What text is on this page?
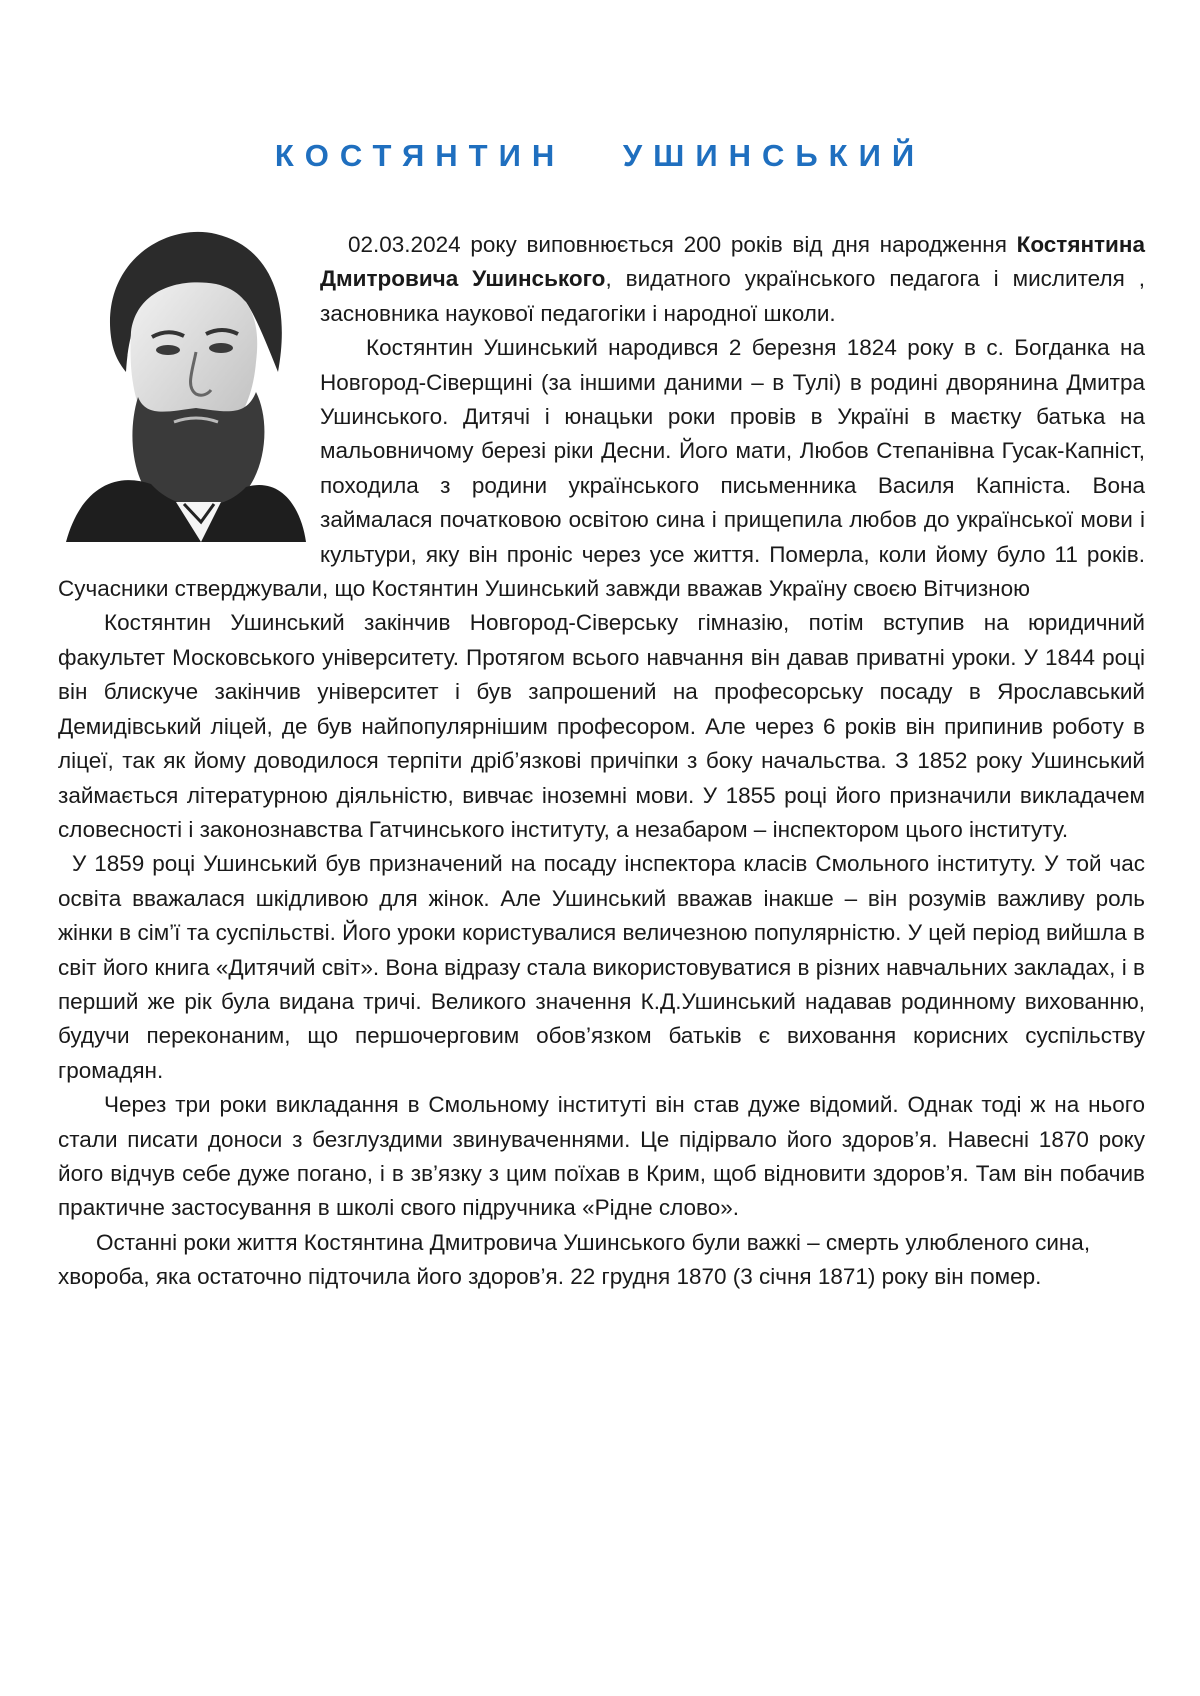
КОСТЯНТИН УШИНСЬКИЙ

02.03.2024 року виповнюється 200 років від дня народження Костянтина Дмитровича Ушинського, видатного українського педагога і мислителя , засновника наукової педагогіки і народної школи.

Костянтин Ушинський народився 2 березня 1824 року в с. Богданка на Новгород-Сіверщині (за іншими даними – в Тулі) в родині дворянина Дмитра Ушинського. Дитячі і юнацьки роки провів в Україні в маєтку батька на мальовничому березі ріки Десни. Його мати, Любов Степанівна Гусак-Капніст, походила з родини українського письменника Василя Капніста. Вона займалася початковою освітою сина і прищепила любов до української мови і культури, яку він проніс через усе життя. Померла, коли йому було 11 років. Сучасники стверджували, що Костянтин Ушинський завжди вважав Україну своєю Вітчизною

Костянтин Ушинський закінчив Новгород-Сіверську гімназію, потім вступив на юридичний факультет Московського університету. Протягом всього навчання він давав приватні уроки. У 1844 році він блискуче закінчив університет і був запрошений на професорську посаду в Ярославський Демидівський ліцей, де був найпопулярнішим професором. Але через 6 років він припинив роботу в ліцеї, так як йому доводилося терпіти дріб’язкові причіпки з боку начальства. З 1852 року Ушинський займається літературною діяльністю, вивчає іноземні мови. У 1855 році його призначили викладачем словесності і законознавства Гатчинського інституту, а незабаром – інспектором цього інституту.

У 1859 році Ушинський був призначений на посаду інспектора класів Смольного інституту. У той час освіта вважалася шкідливою для жінок. Але Ушинський вважав інакше – він розумів важливу роль жінки в сім’ї та суспільстві. Його уроки користувалися величезною популярністю. У цей період вийшла в світ його книга «Дитячий світ». Вона відразу стала використовуватися в різних навчальних закладах, і в перший же рік була видана тричі. Великого значення К.Д.Ушинський надавав родинному вихованню, будучи переконаним, що першочерговим обов’язком батьків є виховання корисних суспільству громадян.

Через три роки викладання в Смольному інституті він став дуже відомий. Однак тоді ж на нього стали писати доноси з безглуздими звинуваченнями. Це підірвало його здоров’я. Навесні 1870 року його відчув себе дуже погано, і в зв’язку з цим поїхав в Крим, щоб відновити здоров’я. Там він побачив практичне застосування в школі свого підручника «Рідне слово».

Останні роки життя Костянтина Дмитровича Ушинського були важкі – смерть улюбленого сина, хвороба, яка остаточно підточила його здоров’я. 22 грудня 1870 (3 січня 1871) року він помер.
